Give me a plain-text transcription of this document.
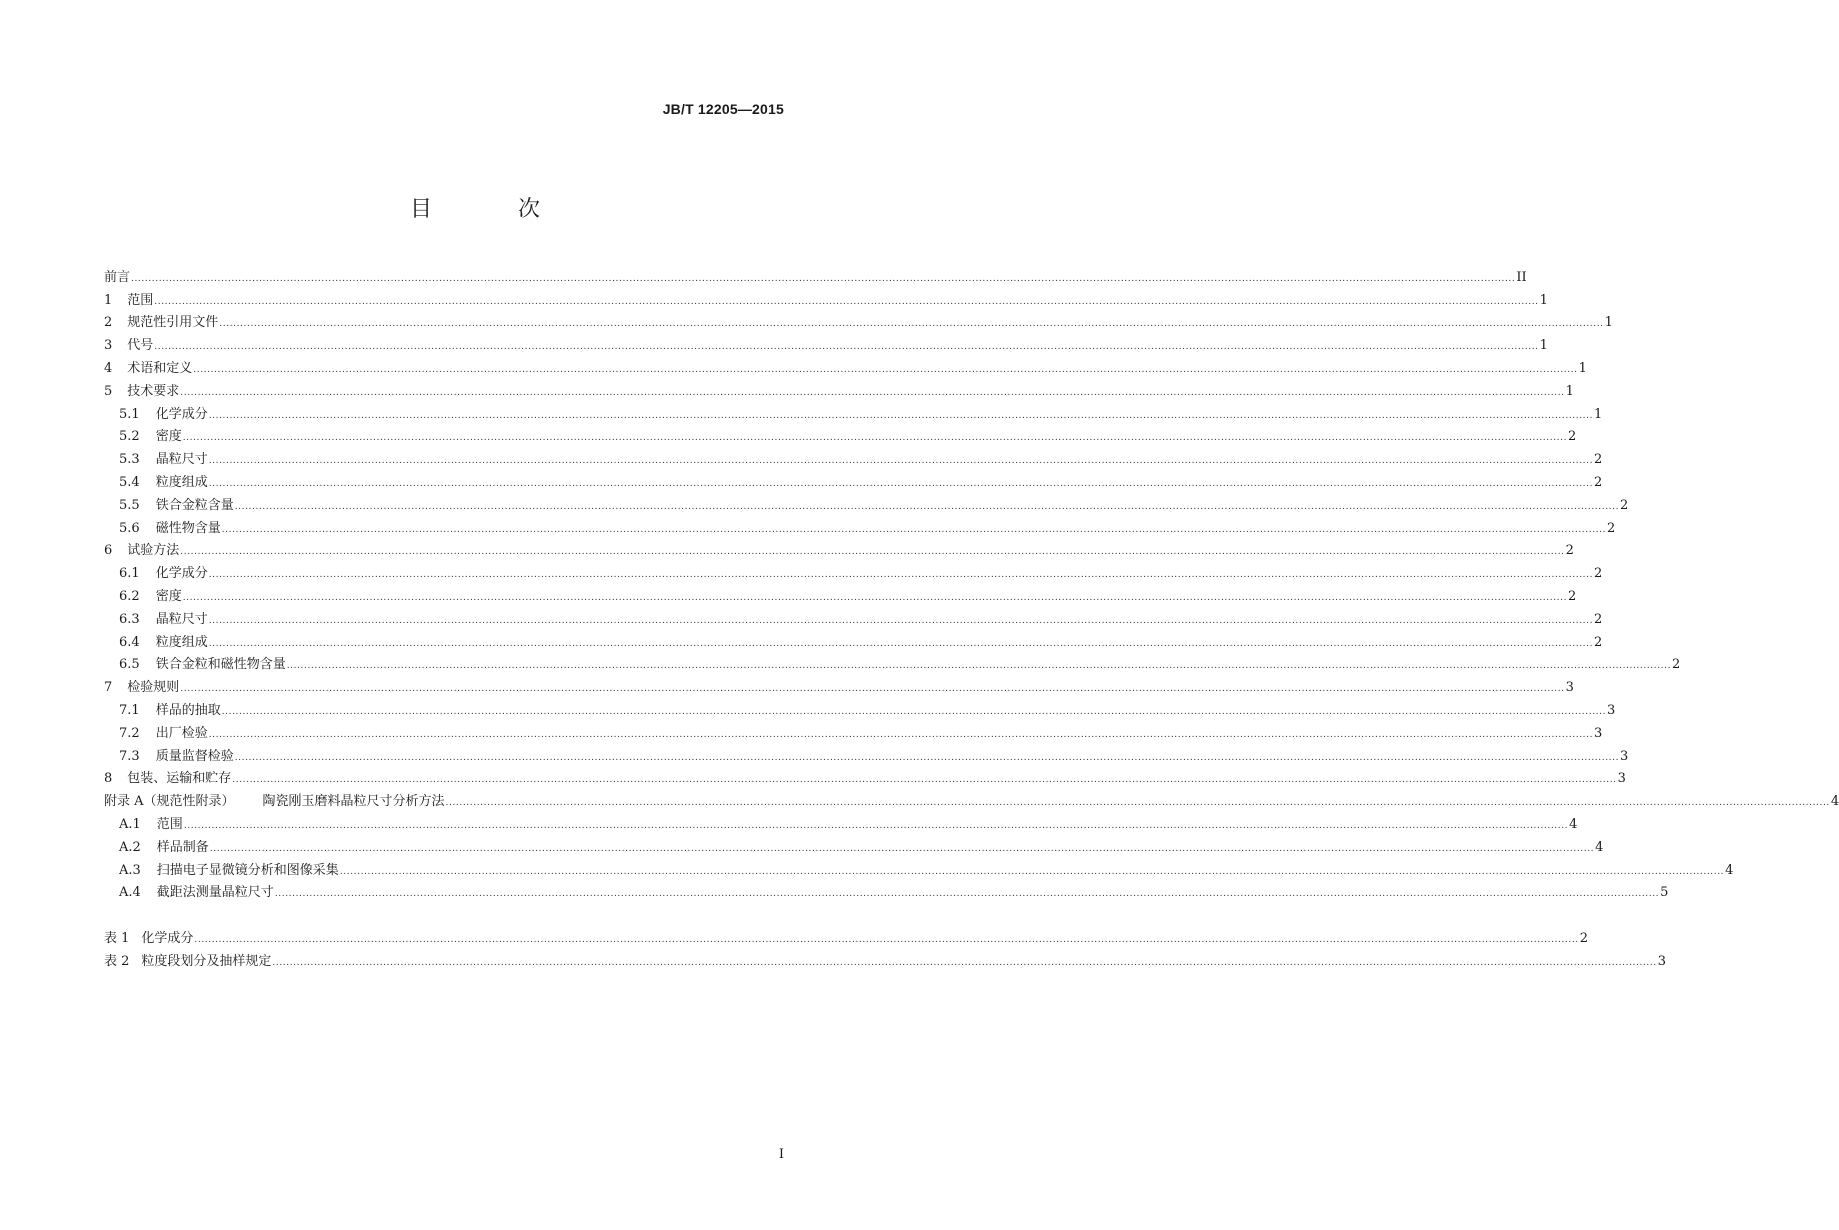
JB/T 12205—2015
目　次
前言 ................................................................................................................................................................................................................................................................................................................................................................................................................ II
1 范围 ................................................................................................................................................................................................................................................................................................................................................................................................................ 1
2 规范性引用文件 ................................................................................................................................................................................................................................................................................................................................................................................................................ 1
3 代号 ................................................................................................................................................................................................................................................................................................................................................................................................................ 1
4 术语和定义 ................................................................................................................................................................................................................................................................................................................................................................................................................ 1
5 技术要求 ................................................................................................................................................................................................................................................................................................................................................................................................................ 1
5.1 化学成分 ................................................................................................................................................................................................................................................................................................................................................................................................................ 1
5.2 密度 ................................................................................................................................................................................................................................................................................................................................................................................................................ 2
5.3 晶粒尺寸 ................................................................................................................................................................................................................................................................................................................................................................................................................ 2
5.4 粒度组成 ................................................................................................................................................................................................................................................................................................................................................................................................................ 2
5.5 铁合金粒含量 ................................................................................................................................................................................................................................................................................................................................................................................................................ 2
5.6 磁性物含量 ................................................................................................................................................................................................................................................................................................................................................................................................................ 2
6 试验方法 ................................................................................................................................................................................................................................................................................................................................................................................................................ 2
6.1 化学成分 ................................................................................................................................................................................................................................................................................................................................................................................................................ 2
6.2 密度 ................................................................................................................................................................................................................................................................................................................................................................................................................ 2
6.3 晶粒尺寸 ................................................................................................................................................................................................................................................................................................................................................................................................................ 2
6.4 粒度组成 ................................................................................................................................................................................................................................................................................................................................................................................................................ 2
6.5 铁合金粒和磁性物含量 ................................................................................................................................................................................................................................................................................................................................................................................................................ 2
7 检验规则 ................................................................................................................................................................................................................................................................................................................................................................................................................ 3
7.1 样品的抽取 ................................................................................................................................................................................................................................................................................................................................................................................................................ 3
7.2 出厂检验 ................................................................................................................................................................................................................................................................................................................................................................................................................ 3
7.3 质量监督检验 ................................................................................................................................................................................................................................................................................................................................................................................................................ 3
8 包装、运输和贮存 ................................................................................................................................................................................................................................................................................................................................................................................................................ 3
附录 A（规范性附录） 陶瓷刚玉磨料晶粒尺寸分析方法 ................................................................................................................................................................................................................................................................................................................................................................................................................ 4
A.1 范围 ................................................................................................................................................................................................................................................................................................................................................................................................................ 4
A.2 样品制备 ................................................................................................................................................................................................................................................................................................................................................................................................................ 4
A.3 扫描电子显微镜分析和图像采集 ................................................................................................................................................................................................................................................................................................................................................................................................................ 4
A.4 截距法测量晶粒尺寸 ................................................................................................................................................................................................................................................................................................................................................................................................................ 5
表 1 化学成分 ................................................................................................................................................................................................................................................................................................................................................................................................................ 2
表 2 粒度段划分及抽样规定 ................................................................................................................................................................................................................................................................................................................................................................................................................ 3
I
